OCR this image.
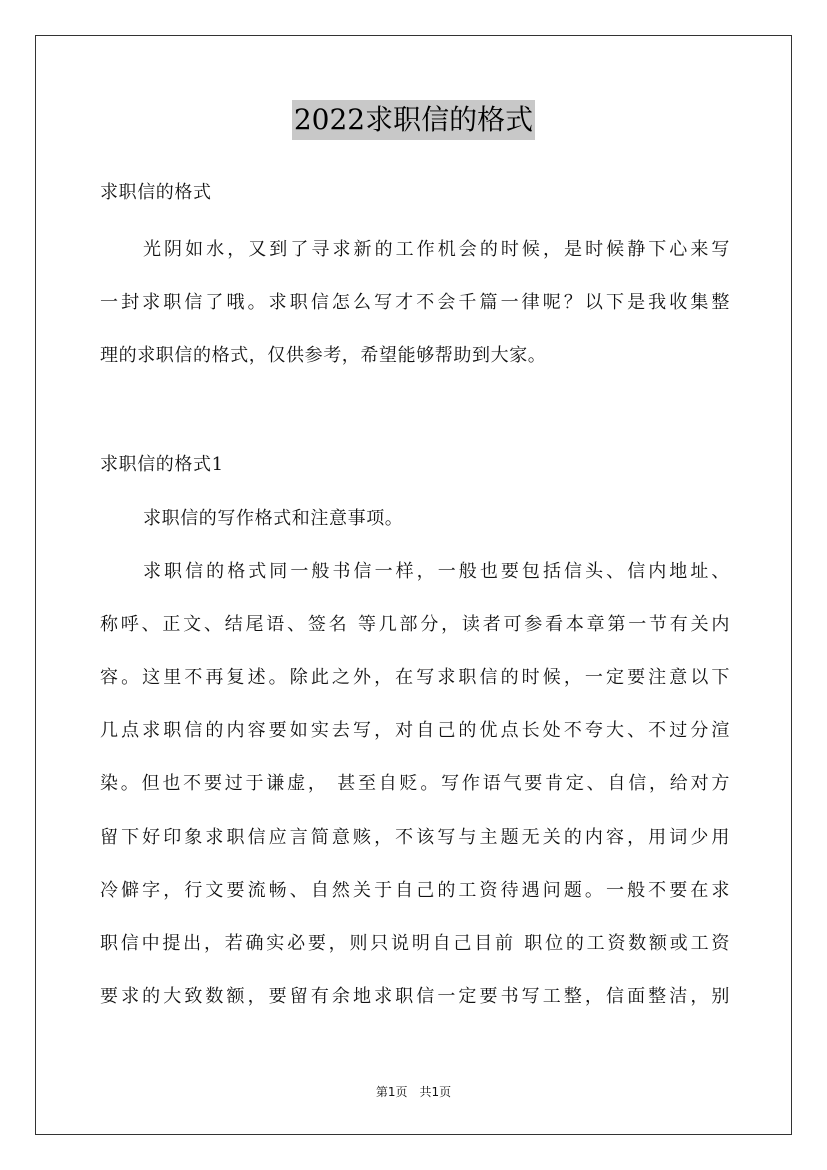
2022求职信的格式
求职信的格式
光阴如水，又到了寻求新的工作机会的时候，是时候静下心来写
一封求职信了哦。求职信怎么写才不会千篇一律呢？以下是我收集整
理的求职信的格式，仅供参考，希望能够帮助到大家。
求职信的格式1
求职信的写作格式和注意事项。
求职信的格式同一般书信一样，一般也要包括信头、信内地址、
称呼、正文、结尾语、签名 等几部分，读者可参看本章第一节有关内
容。这里不再复述。除此之外，在写求职信的时候，一定要注意以下
几点求职信的内容要如实去写，对自己的优点长处不夸大、不过分渲
染。但也不要过于谦虚， 甚至自贬。写作语气要肯定、自信，给对方
留下好印象求职信应言简意赅，不该写与主题无关的内容，用词少用
冷僻字，行文要流畅、自然关于自己的工资待遇问题。一般不要在求
职信中提出，若确实必要，则只说明自己目前 职位的工资数额或工资
要求的大致数额，要留有余地求职信一定要书写工整，信面整洁，别
第1页　共1页
